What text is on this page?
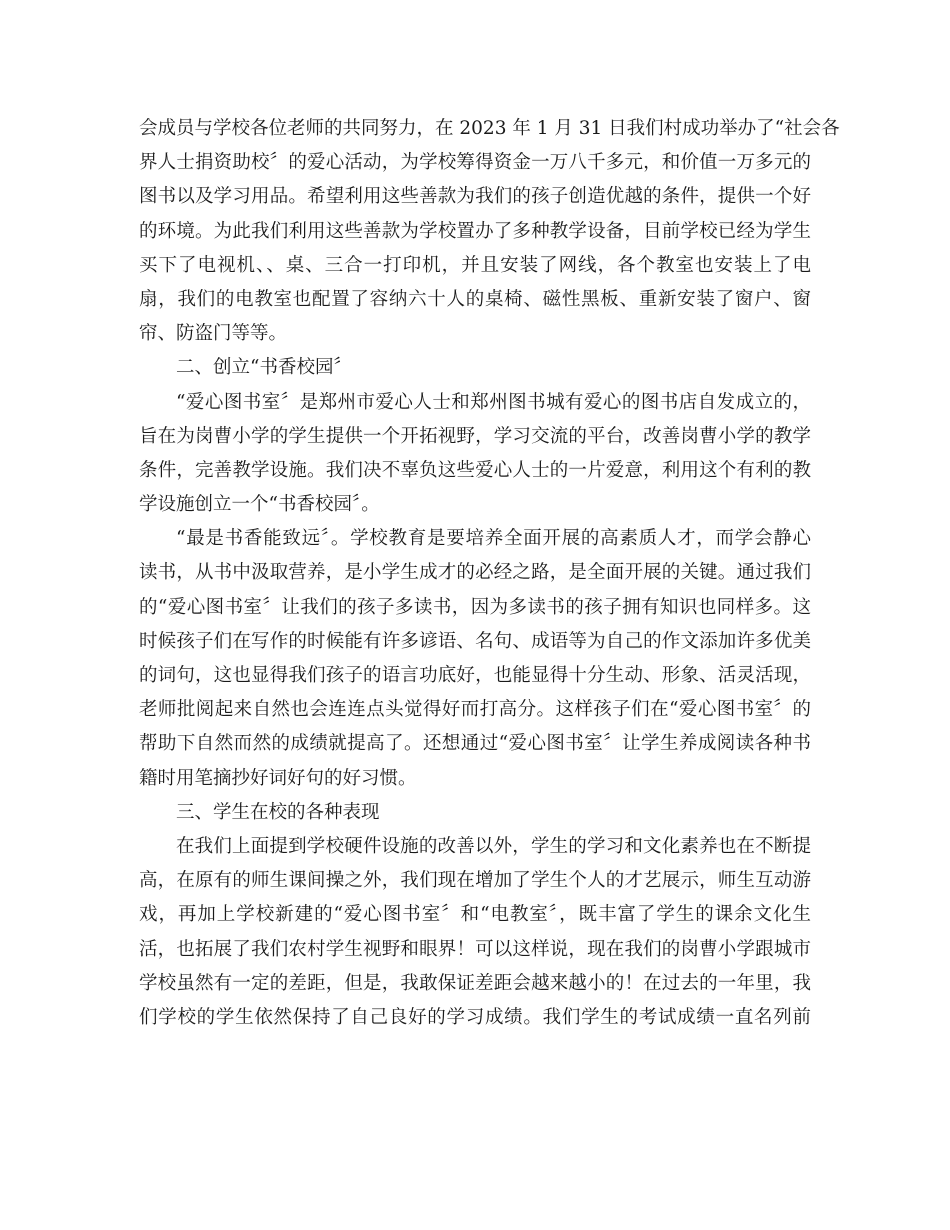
会成员与学校各位老师的共同努力，在 2023 年 1 月 31 日我们村成功举办了“社会各
界人士捐资助校〞的爱心活动，为学校筹得资金一万八千多元，和价值一万多元的
图书以及学习用品。希望利用这些善款为我们的孩子创造优越的条件，提供一个好
的环境。为此我们利用这些善款为学校置办了多种教学设备，目前学校已经为学生
买下了电视机、、桌、三合一打印机，并且安装了网线，各个教室也安装上了电
扇，我们的电教室也配置了容纳六十人的桌椅、磁性黑板、重新安装了窗户、窗
帘、防盗门等等。
二、创立“书香校园〞
“爱心图书室〞是郑州市爱心人士和郑州图书城有爱心的图书店自发成立的，
旨在为岗曹小学的学生提供一个开拓视野，学习交流的平台，改善岗曹小学的教学
条件，完善教学设施。我们决不辜负这些爱心人士的一片爱意，利用这个有利的教
学设施创立一个“书香校园〞。
“最是书香能致远〞。学校教育是要培养全面开展的高素质人才，而学会静心
读书，从书中汲取营养，是小学生成才的必经之路，是全面开展的关键。通过我们
的“爱心图书室〞让我们的孩子多读书，因为多读书的孩子拥有知识也同样多。这
时候孩子们在写作的时候能有许多谚语、名句、成语等为自己的作文添加许多优美
的词句，这也显得我们孩子的语言功底好，也能显得十分生动、形象、活灵活现，
老师批阅起来自然也会连连点头觉得好而打高分。这样孩子们在“爱心图书室〞的
帮助下自然而然的成绩就提高了。还想通过“爱心图书室〞让学生养成阅读各种书
籍时用笔摘抄好词好句的好习惯。
三、学生在校的各种表现
在我们上面提到学校硬件设施的改善以外，学生的学习和文化素养也在不断提
高，在原有的师生课间操之外，我们现在增加了学生个人的才艺展示，师生互动游
戏，再加上学校新建的“爱心图书室〞和“电教室〞，既丰富了学生的课余文化生
活，也拓展了我们农村学生视野和眼界！可以这样说，现在我们的岗曹小学跟城市
学校虽然有一定的差距，但是，我敢保证差距会越来越小的！在过去的一年里，我
们学校的学生依然保持了自己良好的学习成绩。我们学生的考试成绩一直名列前
